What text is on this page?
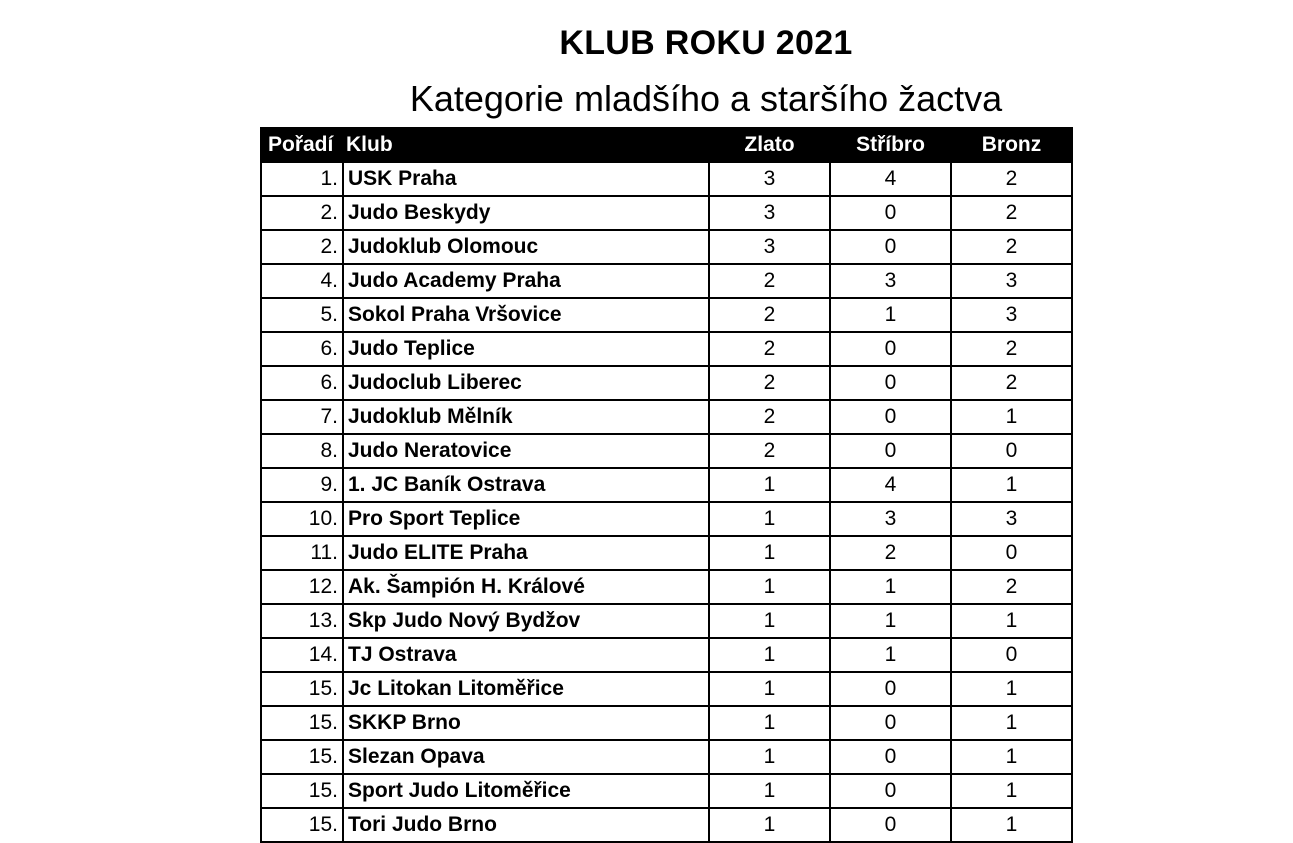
KLUB ROKU 2021
Kategorie mladšího a staršího žactva
Pořadí	Klub	Zlato	Stříbro	Bronz
1.	USK Praha	3	4	2
2.	Judo Beskydy	3	0	2
2.	Judoklub Olomouc	3	0	2
4.	Judo Academy Praha	2	3	3
5.	Sokol Praha Vršovice	2	1	3
6.	Judo Teplice	2	0	2
6.	Judoclub Liberec	2	0	2
7.	Judoklub Mělník	2	0	1
8.	Judo Neratovice	2	0	0
9.	1. JC Baník Ostrava	1	4	1
10.	Pro Sport Teplice	1	3	3
11.	Judo ELITE Praha	1	2	0
12.	Ak. Šampión H. Králové	1	1	2
13.	Skp Judo Nový Bydžov	1	1	1
14.	TJ Ostrava	1	1	0
15.	Jc Litokan Litoměřice	1	0	1
15.	SKKP Brno	1	0	1
15.	Slezan Opava	1	0	1
15.	Sport Judo Litoměřice	1	0	1
15.	Tori Judo Brno	1	0	1
